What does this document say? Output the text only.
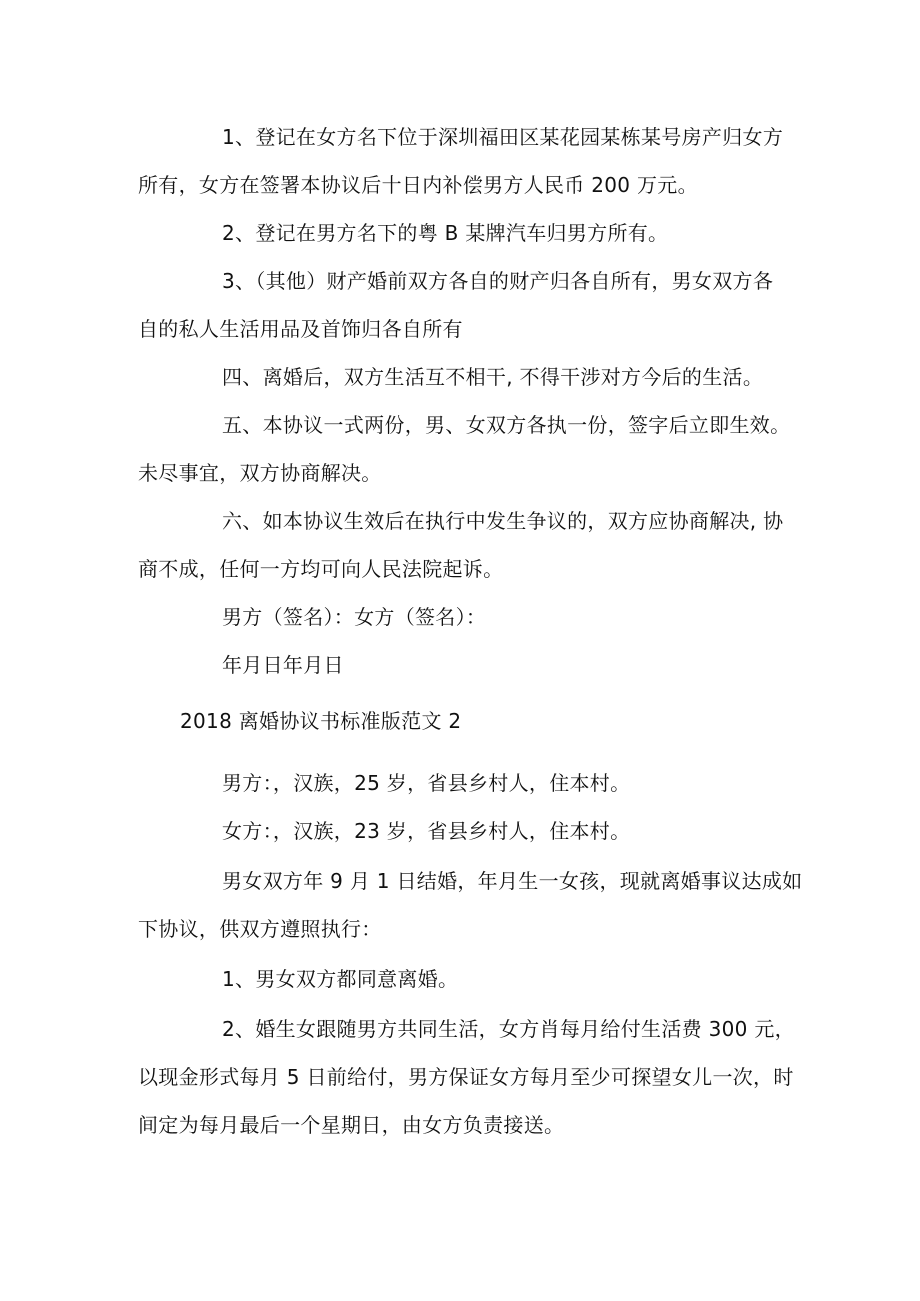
1、登记在女方名下位于深圳福田区某花园某栋某号房产归女方
所有，女方在签署本协议后十日内补偿男方人民币 200 万元。
2、登记在男方名下的粤 B 某牌汽车归男方所有。
3、（其他）财产婚前双方各自的财产归各自所有，男女双方各
自的私人生活用品及首饰归各自所有
四、离婚后，双方生活互不相干, 不得干涉对方今后的生活。
五、本协议一式两份，男、女双方各执一份，签字后立即生效。
未尽事宜，双方协商解决。
六、如本协议生效后在执行中发生争议的，双方应协商解决, 协
商不成，任何一方均可向人民法院起诉。
男方（签名）：女方（签名）：
年月日年月日
2018 离婚协议书标准版范文 2
男方：，汉族，25 岁，省县乡村人，住本村。
女方：，汉族，23 岁，省县乡村人，住本村。
男女双方年 9 月 1 日结婚，年月生一女孩，现就离婚事议达成如
下协议，供双方遵照执行：
1、男女双方都同意离婚。
2、婚生女跟随男方共同生活，女方肖每月给付生活费 300 元，
以现金形式每月 5 日前给付，男方保证女方每月至少可探望女儿一次，时
间定为每月最后一个星期日，由女方负责接送。
